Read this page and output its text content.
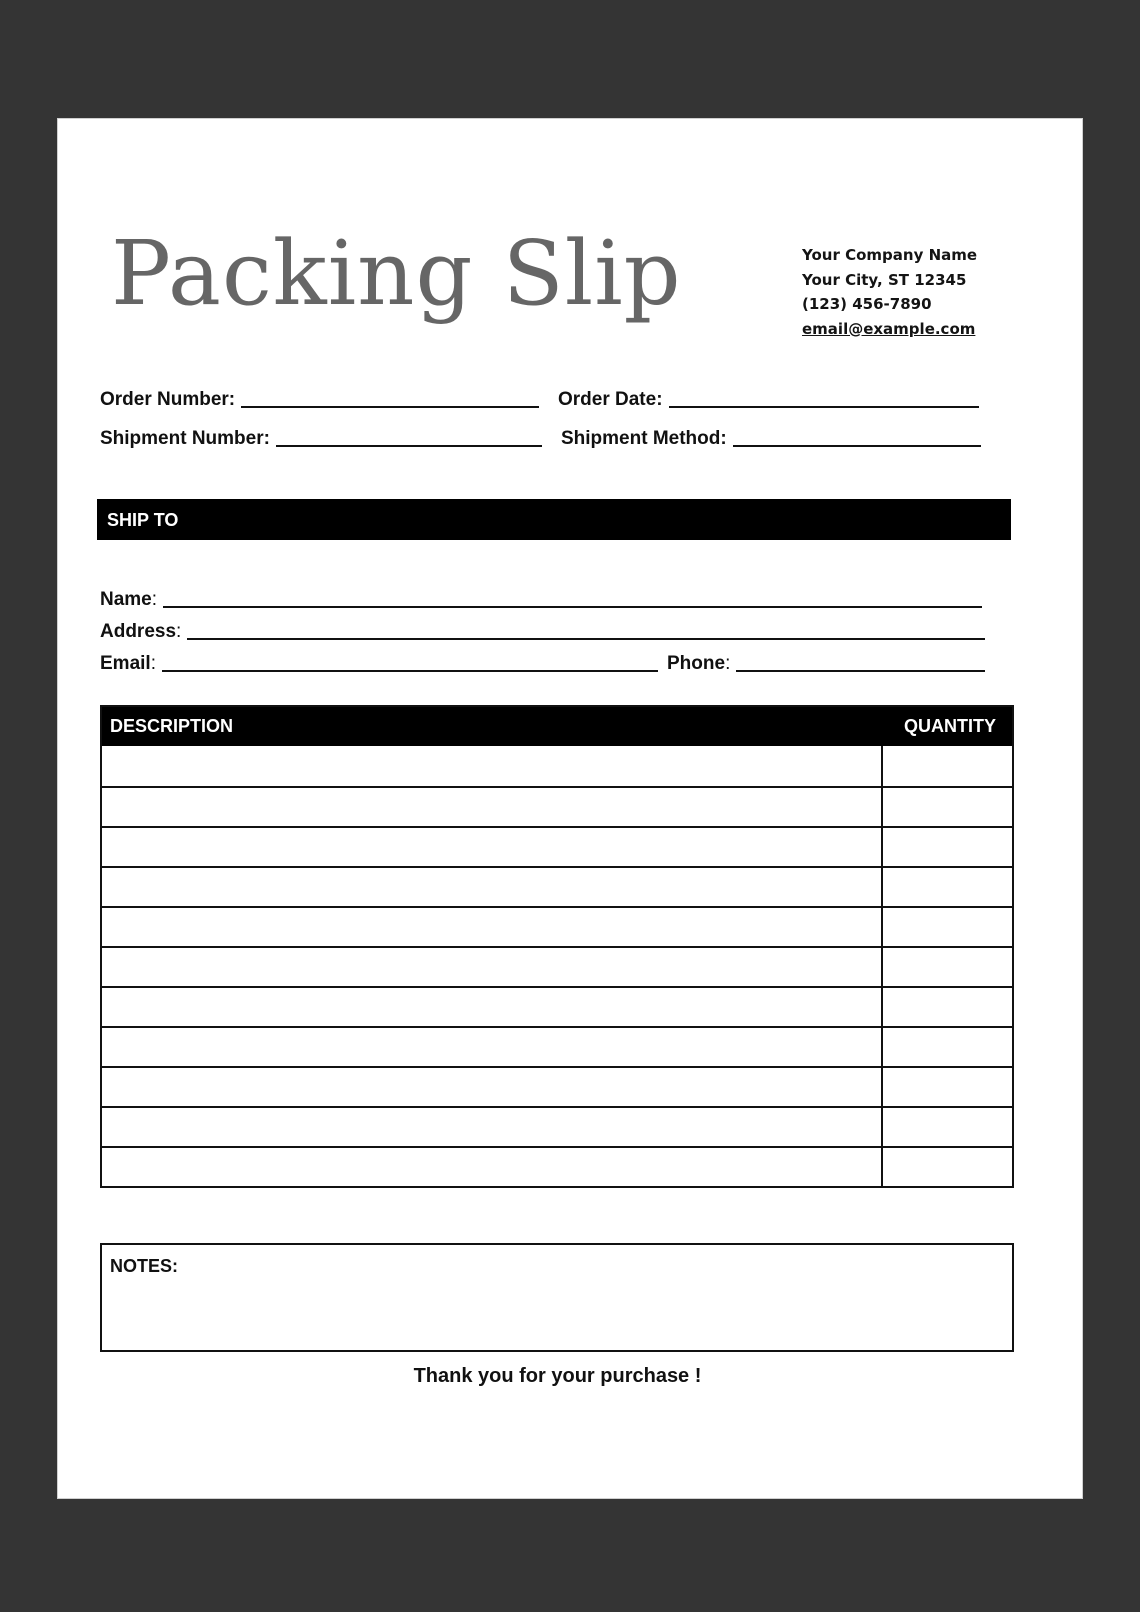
Packing Slip	Your Company Name
Your City, ST 12345
(123) 456-7890
email@example.com
Order Number:	Order Date:
Shipment Number:	Shipment Method:
SHIP TO
Name :
Address :
Email :	Phone :
DESCRIPTION	QUANTITY
NOTES:
Thank you for your purchase !
